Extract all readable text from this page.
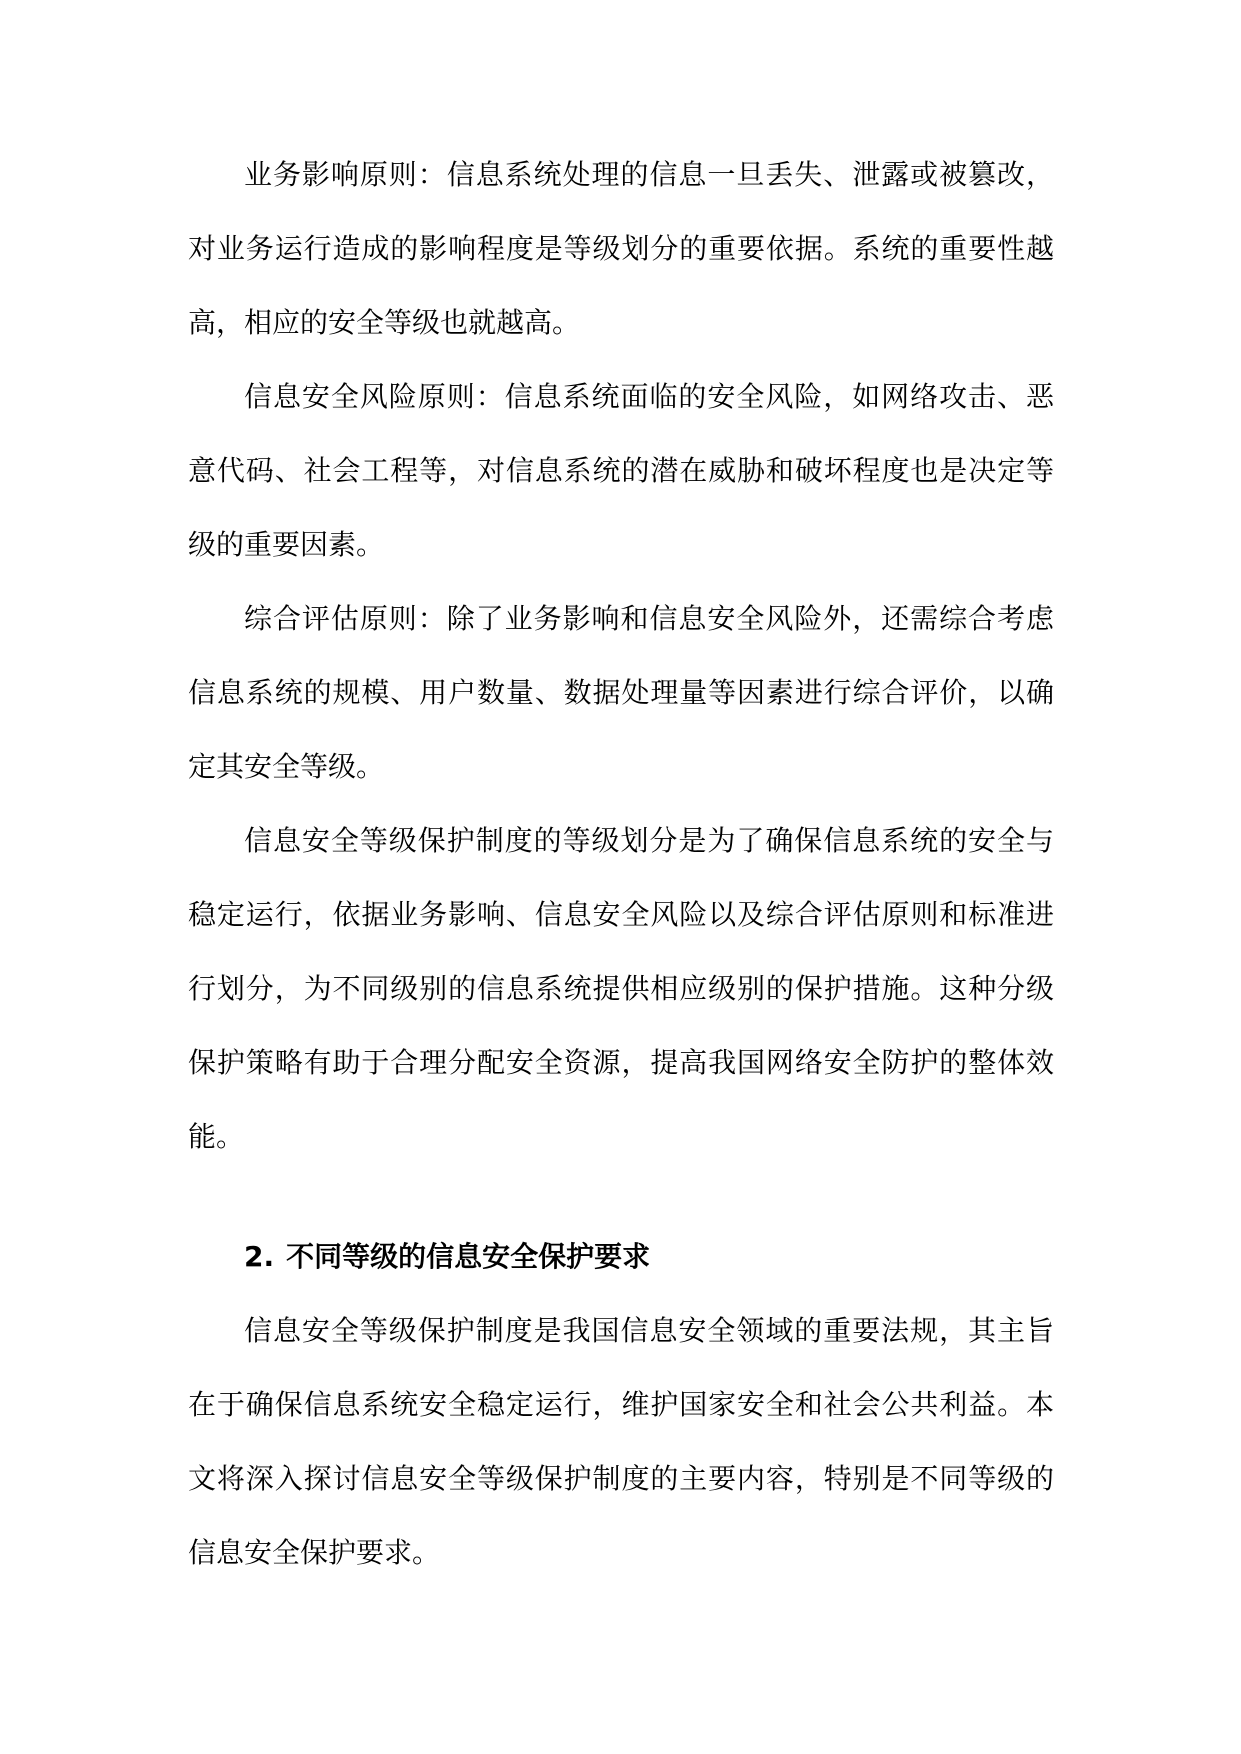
业务影响原则：信息系统处理的信息一旦丢失、泄露或被篡改，对业务运行造成的影响程度是等级划分的重要依据。系统的重要性越高，相应的安全等级也就越高。

信息安全风险原则：信息系统面临的安全风险，如网络攻击、恶意代码、社会工程等，对信息系统的潜在威胁和破坏程度也是决定等级的重要因素。

综合评估原则：除了业务影响和信息安全风险外，还需综合考虑信息系统的规模、用户数量、数据处理量等因素进行综合评价，以确定其安全等级。

信息安全等级保护制度的等级划分是为了确保信息系统的安全与稳定运行，依据业务影响、信息安全风险以及综合评估原则和标准进行划分，为不同级别的信息系统提供相应级别的保护措施。这种分级保护策略有助于合理分配安全资源，提高我国网络安全防护的整体效能。

2. 不同等级的信息安全保护要求

信息安全等级保护制度是我国信息安全领域的重要法规，其主旨在于确保信息系统安全稳定运行，维护国家安全和社会公共利益。本文将深入探讨信息安全等级保护制度的主要内容，特别是不同等级的信息安全保护要求。
